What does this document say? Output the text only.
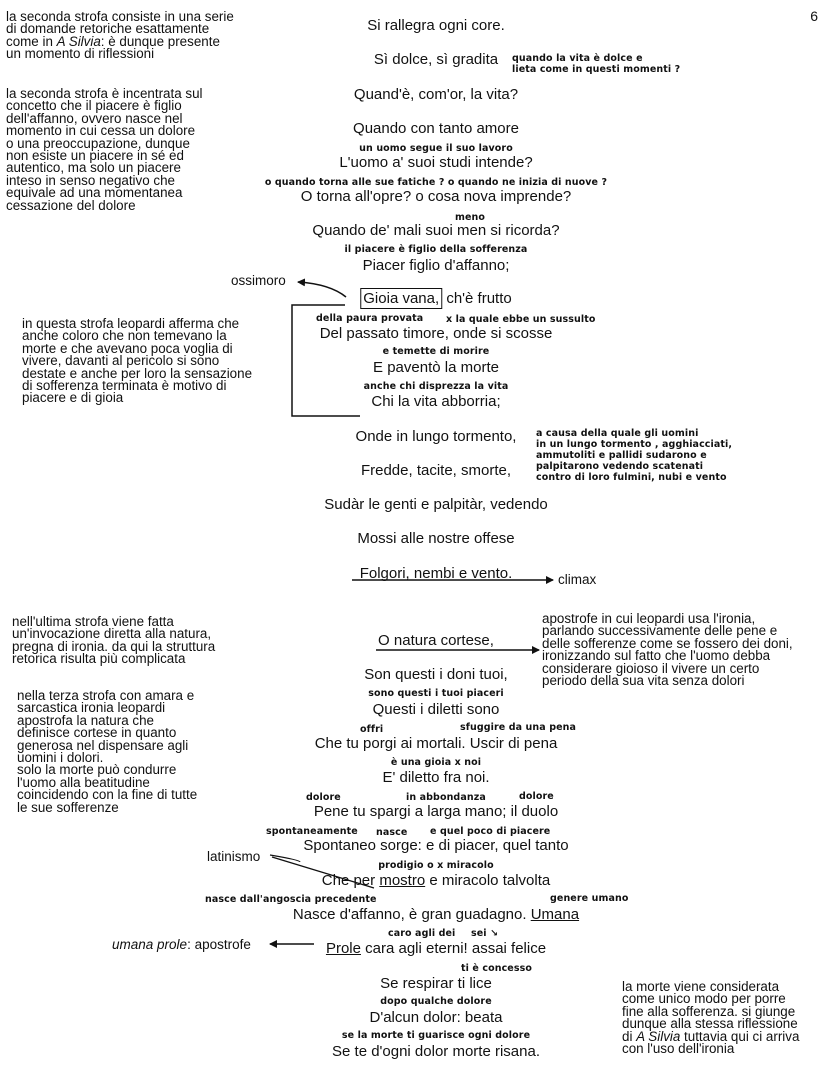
6
la seconda strofa consiste in una serie
di domande retoriche esattamente
come in A Silvia: è dunque presente
un momento di riflessioni
la seconda strofa è incentrata sul
concetto che il piacere è figlio
dell'affanno, ovvero nasce nel
momento in cui cessa un dolore
o una preoccupazione, dunque
non esiste un piacere in sé ed
autentico, ma solo un piacere
inteso in senso negativo che
equivale ad una momentanea
cessazione del dolore
in questa strofa leopardi afferma che
anche coloro che non temevano la
morte e che avevano poca voglia di
vivere, davanti al pericolo si sono
destate e anche per loro la sensazione
di sofferenza terminata è motivo di
piacere e di gioia
nell'ultima strofa viene fatta
un'invocazione diretta alla natura,
pregna di ironia. da qui la struttura
retorica risulta più complicata
apostrofe in cui leopardi usa l'ironia,
parlando successivamente delle pene e
delle sofferenze come se fossero dei doni,
ironizzando sul fatto che l'uomo debba
considerare gioioso il vivere un certo
periodo della sua vita senza dolori
nella terza strofa con amara e
sarcastica ironia leopardi
apostrofa la natura che
definisce cortese in quanto
generosa nel dispensare agli
uomini i dolori.
solo la morte può condurre
l'uomo alla beatitudine
coincidendo con la fine di tutte
le sue sofferenze
la morte viene considerata
come unico modo per porre
fine alla sofferenza. si giunge
dunque alla stessa riflessione
di A Silvia tuttavia qui ci arriva
con l'uso dell'ironia
Si rallegra ogni core.
Sì dolce, sì gradita
Quand'è, com'or, la vita?
Quando con tanto amore
L'uomo a' suoi studi intende?
O torna all'opre? o cosa nova imprende?
Quando de' mali suoi men si ricorda?
Piacer figlio d'affanno;
Gioia vana, ch'è frutto
Del passato timore, onde si scosse
E paventò la morte
Chi la vita abborria;
Onde in lungo tormento,
Fredde, tacite, smorte,
Sudàr le genti e palpitàr, vedendo
Mossi alle nostre offese
Folgori, nembi e vento.
O natura cortese,
Son questi i doni tuoi,
Questi i diletti sono
Che tu porgi ai mortali. Uscir di pena
E' diletto fra noi.
Pene tu spargi a larga mano; il duolo
Spontaneo sorge: e di piacer, quel tanto
Che per mostro e miracolo talvolta
Nasce d'affanno, è gran guadagno. Umana
Prole cara agli eterni! assai felice
Se respirar ti lice
D'alcun dolor: beata
Se te d'ogni dolor morte risana.
quando la vita è dolce e
lieta come in questi momenti ?
un uomo segue il suo lavoro
o quando torna alle sue fatiche ? o quando ne inizia di nuove ?
meno
il piacere è figlio della sofferenza
della paura provata x la quale ebbe un sussulto
e temette di morire
anche chi disprezza la vita
a causa della quale gli uomini
in un lungo tormento , agghiacciati,
ammutoliti e pallidi sudarono e
palpitarono vedendo scatenati
contro di loro fulmini, nubi e vento
sono questi i tuoi piaceri
offri	sfuggire da una pena
è una gioia x noi
dolore	in abbondanza	dolore
spontaneamente nasce e quel poco di piacere
prodigio o x miracolo
nasce dall'angoscia precedente	genere umano
caro agli dei sei ↘
ti è concesso
dopo qualche dolore
se la morte ti guarisce ogni dolore
ossimoro
climax
latinismo
umana prole: apostrofe
